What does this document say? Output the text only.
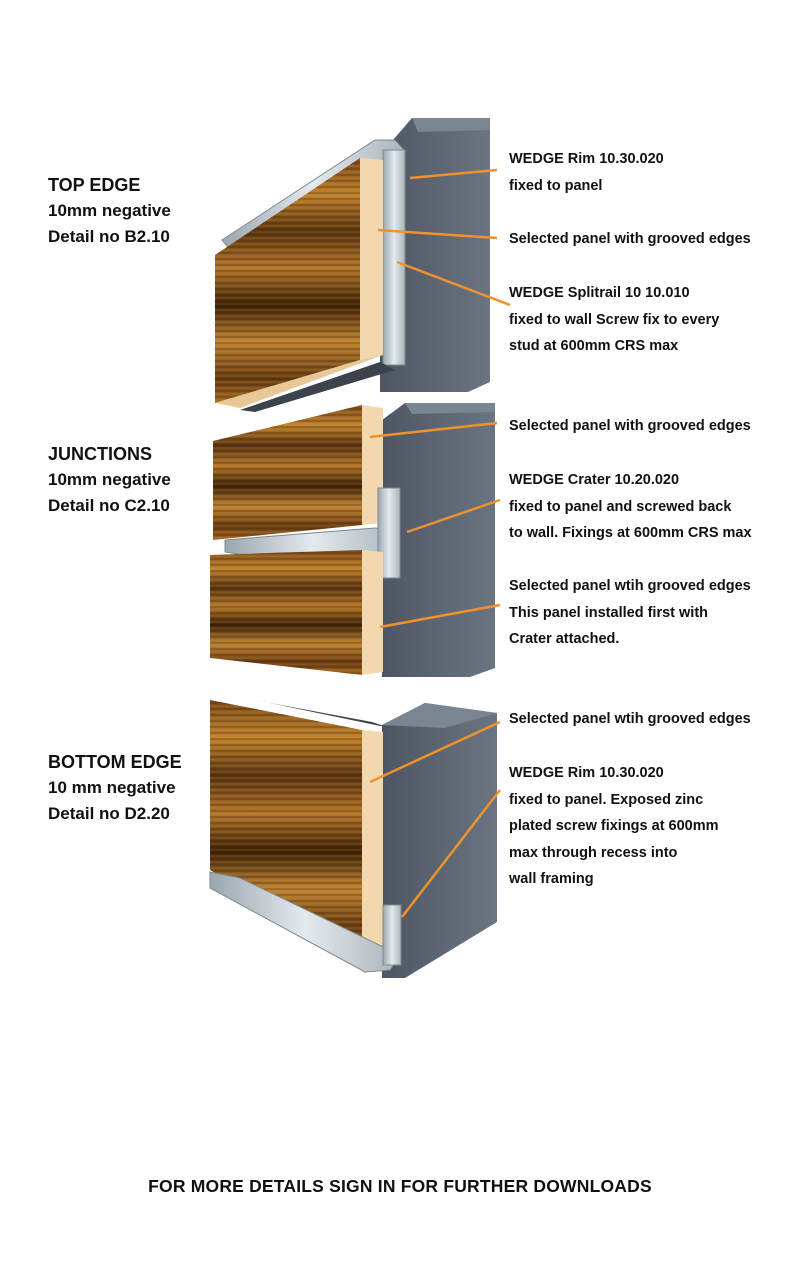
TOP EDGE
10mm negative
Detail no B2.10
JUNCTIONS
10mm negative
Detail no C2.10
BOTTOM EDGE
10 mm negative
Detail no D2.20
WEDGE Rim 10.30.020
fixed to panel
Selected panel with grooved edges
WEDGE Splitrail 10 10.010
fixed to wall Screw fix to every
stud at 600mm CRS max
Selected panel with grooved edges
WEDGE Crater 10.20.020
fixed to panel and screwed back
to wall. Fixings at 600mm CRS max
Selected panel wtih grooved edges
This panel installed first with
Crater attached.
Selected panel wtih grooved edges
WEDGE Rim 10.30.020
fixed to panel. Exposed zinc
plated screw fixings at 600mm
max through recess into
wall framing
FOR MORE DETAILS SIGN IN FOR FURTHER DOWNLOADS
